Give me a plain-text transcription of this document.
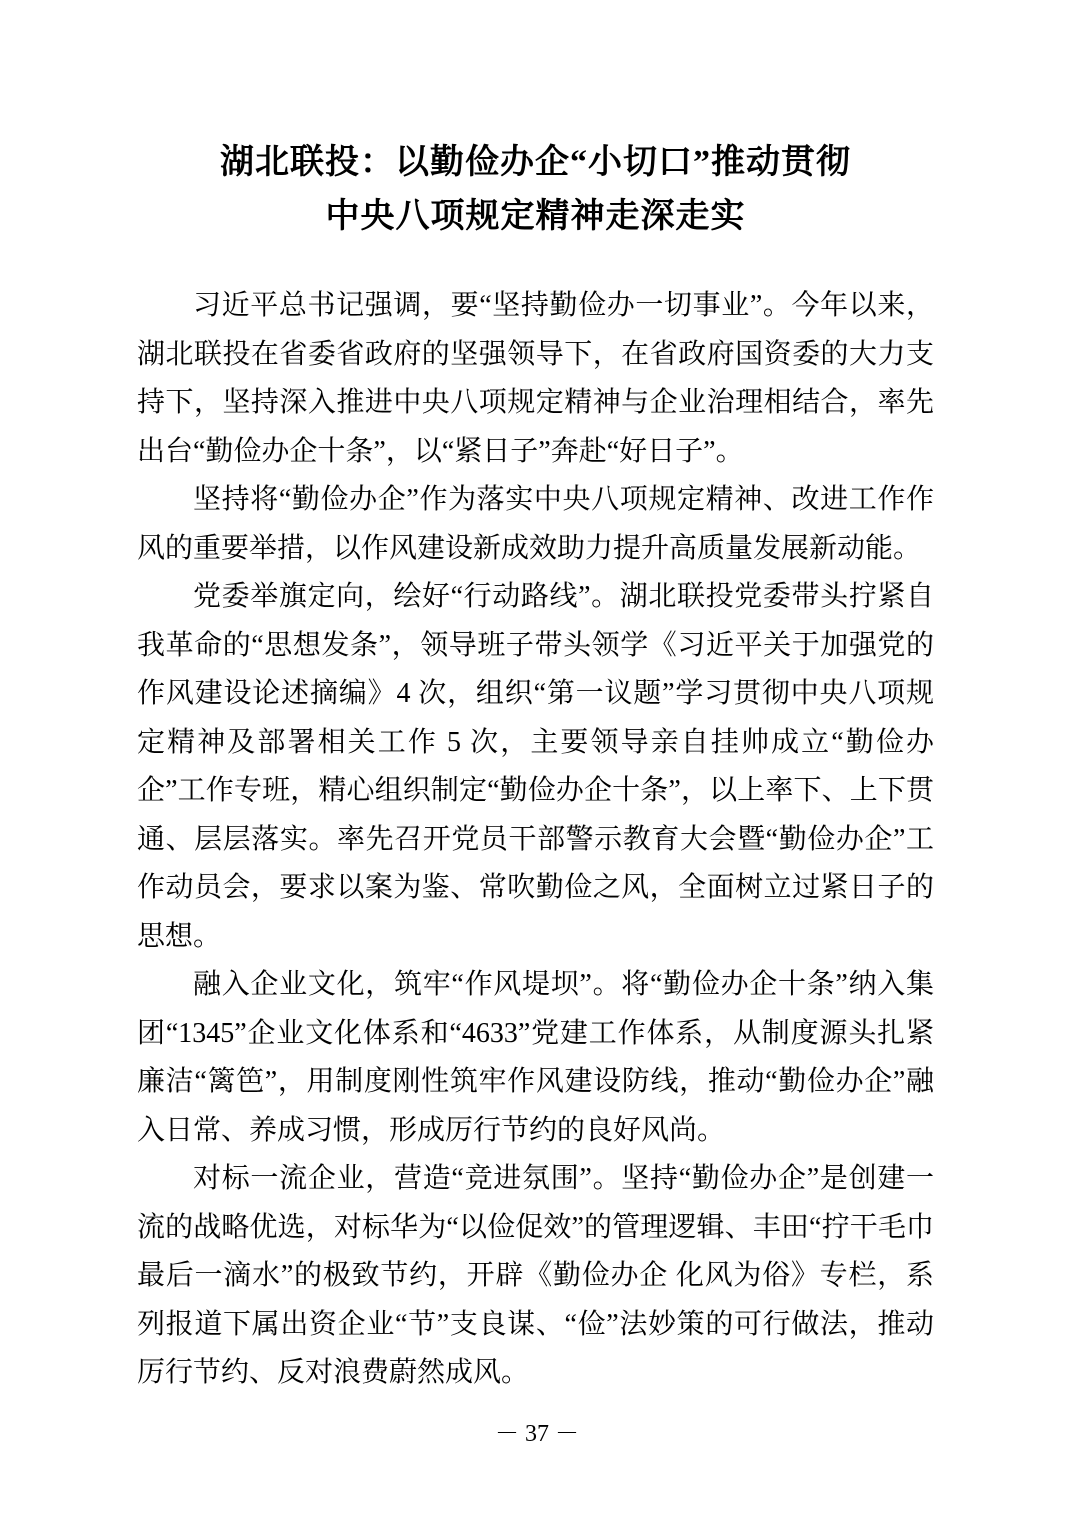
湖北联投：以勤俭办企“小切口”推动贯彻
中央八项规定精神走深走实

习近平总书记强调，要“坚持勤俭办一切事业”。今年以来，湖北联投在省委省政府的坚强领导下，在省政府国资委的大力支持下，坚持深入推进中央八项规定精神与企业治理相结合，率先出台“勤俭办企十条”，以“紧日子”奔赴“好日子”。

坚持将“勤俭办企”作为落实中央八项规定精神、改进工作作风的重要举措，以作风建设新成效助力提升高质量发展新动能。

党委举旗定向，绘好“行动路线”。湖北联投党委带头拧紧自我革命的“思想发条”，领导班子带头领学《习近平关于加强党的作风建设论述摘编》4 次，组织“第一议题”学习贯彻中央八项规定精神及部署相关工作 5 次，主要领导亲自挂帅成立“勤俭办企”工作专班，精心组织制定“勤俭办企十条”，以上率下、上下贯通、层层落实。率先召开党员干部警示教育大会暨“勤俭办企”工作动员会，要求以案为鉴、常吹勤俭之风，全面树立过紧日子的思想。

融入企业文化，筑牢“作风堤坝”。将“勤俭办企十条”纳入集团“1345”企业文化体系和“4633”党建工作体系，从制度源头扎紧廉洁“篱笆”，用制度刚性筑牢作风建设防线，推动“勤俭办企”融入日常、养成习惯，形成厉行节约的良好风尚。

对标一流企业，营造“竞进氛围”。坚持“勤俭办企”是创建一流的战略优选，对标华为“以俭促效”的管理逻辑、丰田“拧干毛巾最后一滴水”的极致节约，开辟《勤俭办企 化风为俗》专栏，系列报道下属出资企业“节”支良谋、“俭”法妙策的可行做法，推动厉行节约、反对浪费蔚然成风。

－ 37 －
